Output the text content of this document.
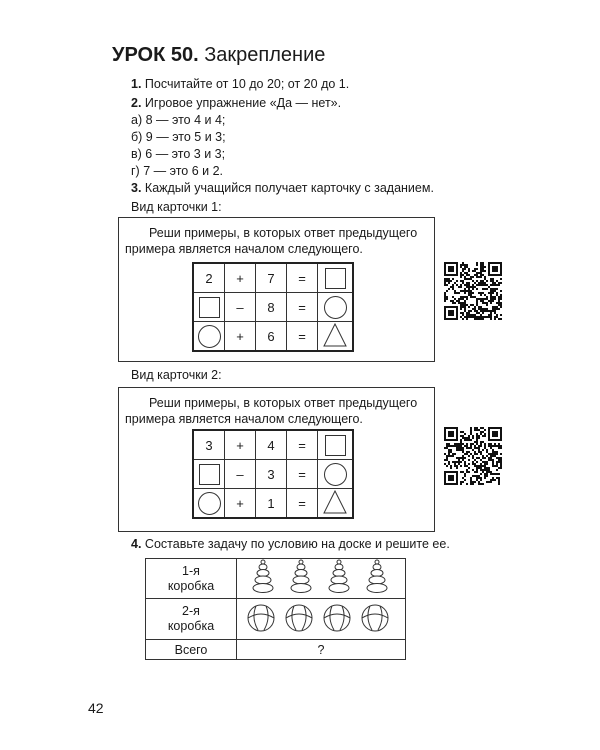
УРОК 50. Закрепление
1. Посчитайте от 10 до 20; от 20 до 1.
2. Игровое упражнение «Да — нет».
а) 8 — это 4 и 4;
б) 9 — это 5 и 3;
в) 6 — это 3 и 3;
г) 7 — это 6 и 2.
3. Каждый учащийся получает карточку с заданием.
Вид карточки 1:
Реши примеры, в которых ответ предыдущего
примера является началом следующего.
2	+	7	=	
	–	8	=	
	+	6	=	
Вид карточки 2:
Реши примеры, в которых ответ предыдущего
примера является началом следующего.
3	+	4	=	
	–	3	=	
	+	1	=	
4. Составьте задачу по условию на доске и решите ее.
1-я
коробка

2-я
коробка

Всего	?
42
